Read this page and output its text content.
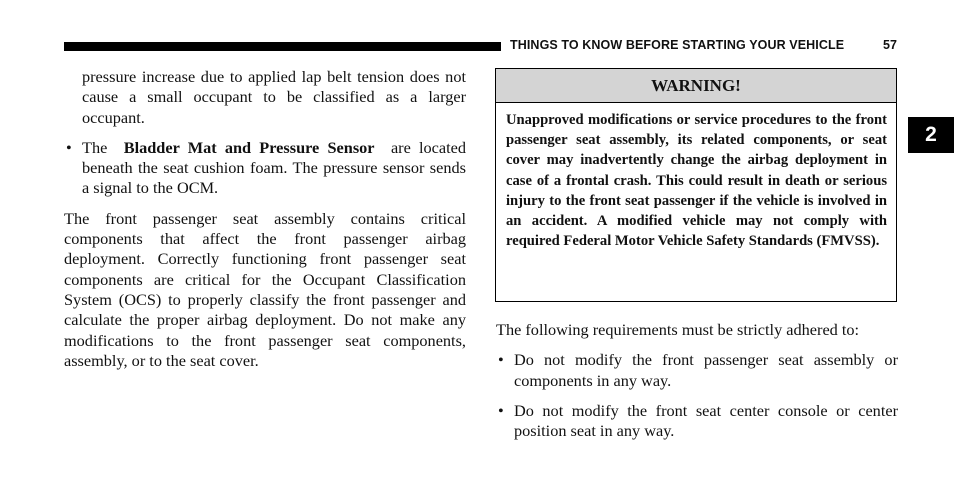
THINGS TO KNOW BEFORE STARTING YOUR VEHICLE	57
2

pressure increase due to applied lap belt tension does not cause a small occupant to be classified as a larger occupant.

• The Bladder Mat and Pressure Sensor are located beneath the seat cushion foam. The pressure sensor sends a signal to the OCM.

The front passenger seat assembly contains critical components that affect the front passenger airbag deployment. Correctly functioning front passenger seat components are critical for the Occupant Classification System (OCS) to properly classify the front passenger and calculate the proper airbag deployment. Do not make any modifications to the front passenger seat components, assembly, or to the seat cover.

WARNING!

Unapproved modifications or service procedures to the front passenger seat assembly, its related components, or seat cover may inadvertently change the airbag deployment in case of a frontal crash. This could result in death or serious injury to the front seat passenger if the vehicle is involved in an accident. A modified vehicle may not comply with required Federal Motor Vehicle Safety Standards (FMVSS).

The following requirements must be strictly adhered to:

• Do not modify the front passenger seat assembly or components in any way.

• Do not modify the front seat center console or center position seat in any way.
